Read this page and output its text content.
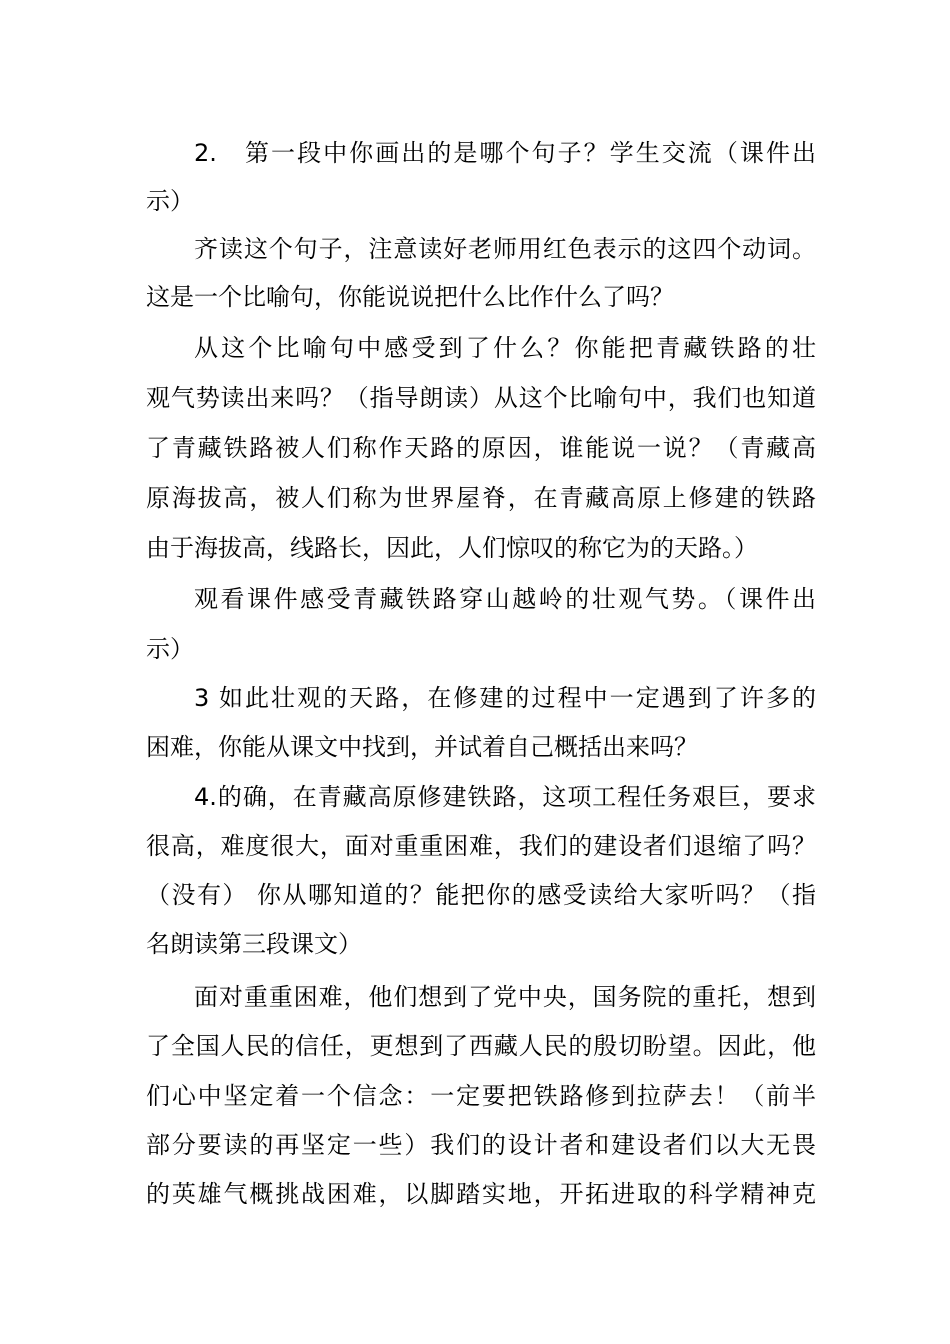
2.　第一段中你画出的是哪个句子？学生交流（课件出
示）
齐读这个句子，注意读好老师用红色表示的这四个动词。
这是一个比喻句，你能说说把什么比作什么了吗？
从这个比喻句中感受到了什么？你能把青藏铁路的壮
观气势读出来吗？（指导朗读）从这个比喻句中，我们也知道
了青藏铁路被人们称作天路的原因，谁能说一说？（青藏高
原海拔高，被人们称为世界屋脊，在青藏高原上修建的铁路
由于海拔高，线路长，因此，人们惊叹的称它为的天路。）
观看课件感受青藏铁路穿山越岭的壮观气势。（课件出
示）
3 如此壮观的天路，在修建的过程中一定遇到了许多的
困难，你能从课文中找到，并试着自己概括出来吗？
4.的确，在青藏高原修建铁路，这项工程任务艰巨，要求
很高，难度很大，面对重重困难，我们的建设者们退缩了吗？
（没有） 你从哪知道的？能把你的感受读给大家听吗？（指
名朗读第三段课文）
面对重重困难，他们想到了党中央，国务院的重托，想到
了全国人民的信任，更想到了西藏人民的殷切盼望。因此，他
们心中坚定着一个信念：一定要把铁路修到拉萨去！（前半
部分要读的再坚定一些）我们的设计者和建设者们以大无畏
的英雄气概挑战困难，以脚踏实地，开拓进取的科学精神克
